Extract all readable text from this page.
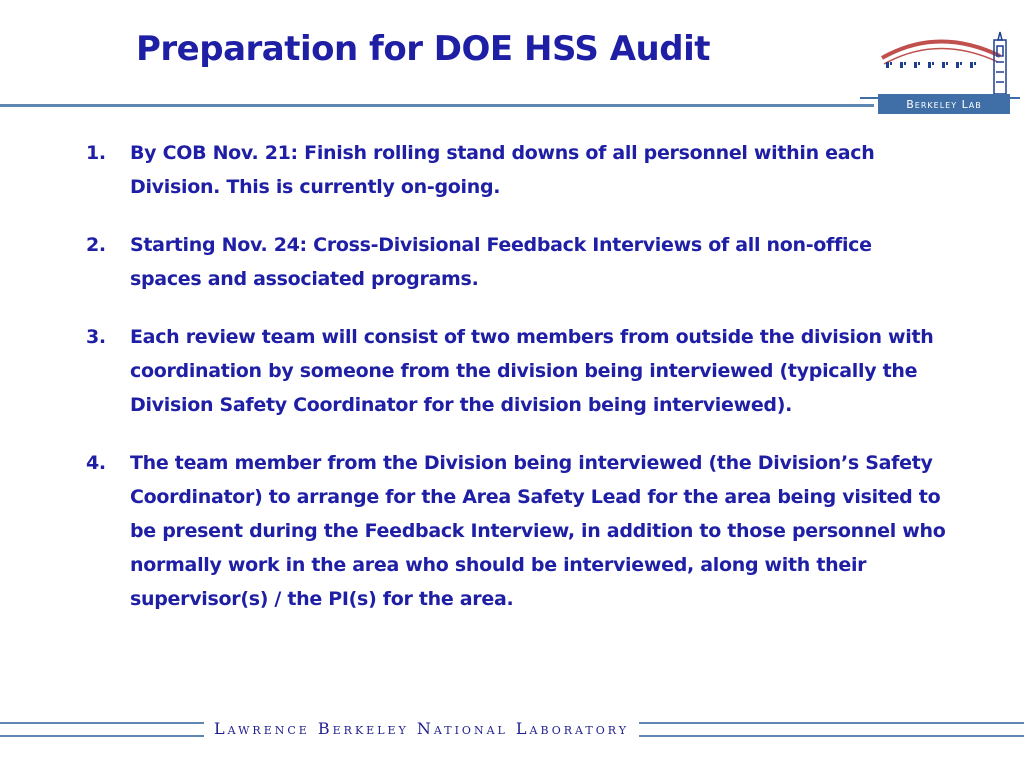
Preparation for DOE HSS Audit
Berkeley Lab
1.	By COB Nov. 21: Finish rolling stand downs of all personnel within each Division. This is currently on-going.
2.	Starting Nov. 24: Cross-Divisional Feedback Interviews of all non-office spaces and associated programs.
3.	Each review team will consist of two members from outside the division with coordination by someone from the division being interviewed (typically the Division Safety Coordinator for the division being interviewed).
4.	The team member from the Division being interviewed (the Division’s Safety Coordinator) to arrange for the Area Safety Lead for the area being visited to be present during the Feedback Interview, in addition to those personnel who normally work in the area who should be interviewed, along with their supervisor(s) / the PI(s) for the area.
Lawrence Berkeley National Laboratory
